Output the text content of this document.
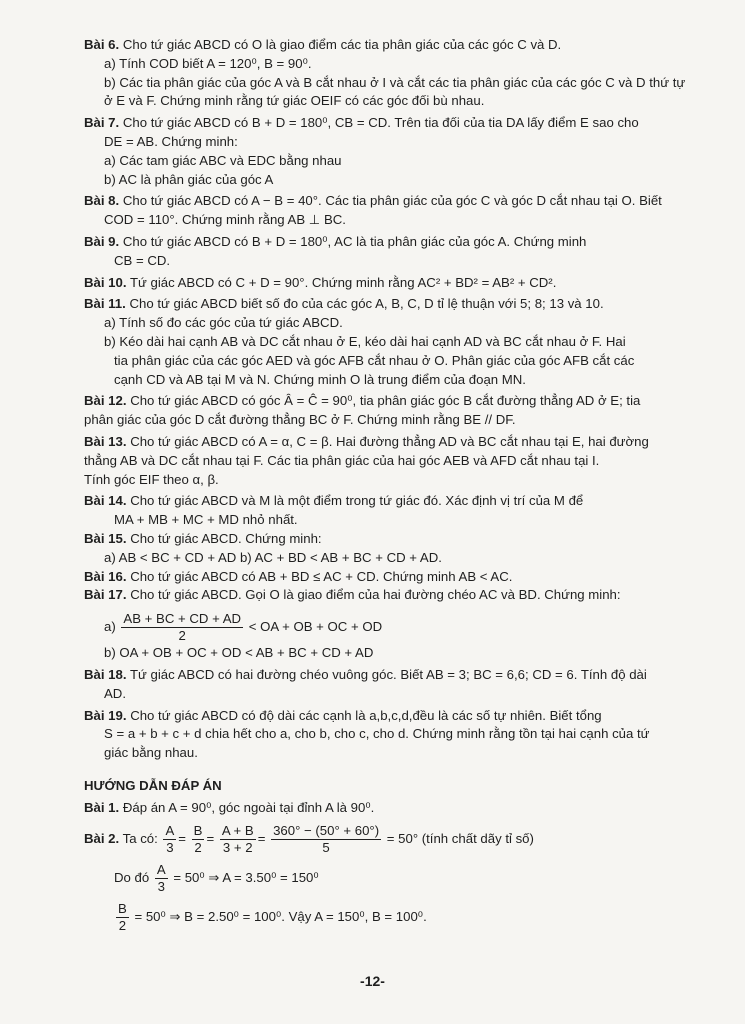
Bài 6. Cho tứ giác ABCD có O là giao điểm các tia phân giác của các góc C và D.

a) Tính COD biết A = 120⁰, B = 90⁰.

b) Các tia phân giác của góc A và B cắt nhau ở I và cắt các tia phân giác của các góc C và D thứ tự

ở E và F. Chứng minh rằng tứ giác OEIF có các góc đối bù nhau.

Bài 7. Cho tứ giác ABCD có B + D = 180⁰, CB = CD. Trên tia đối của tia DA lấy điểm E sao cho

DE = AB. Chứng minh:

a) Các tam giác ABC và EDC bằng nhau

b) AC là phân giác của góc A

Bài 8. Cho tứ giác ABCD có A − B = 40°. Các tia phân giác của góc C và góc D cắt nhau tại O. Biết

COD = 110°. Chứng minh rằng AB ⊥ BC.

Bài 9. Cho tứ giác ABCD có B + D = 180⁰, AC là tia phân giác của góc A. Chứng minh

CB = CD.

Bài 10. Tứ giác ABCD có C + D = 90°. Chứng minh rằng AC² + BD² = AB² + CD².

Bài 11. Cho tứ giác ABCD biết số đo của các góc A, B, C, D tỉ lệ thuận với 5; 8; 13 và 10.

a) Tính số đo các góc của tứ giác ABCD.

b) Kéo dài hai cạnh AB và DC cắt nhau ở E, kéo dài hai cạnh AD và BC cắt nhau ở F. Hai

tia phân giác của các góc AED và góc AFB cắt nhau ở O. Phân giác của góc AFB cắt các

cạnh CD và AB tại M và N. Chứng minh O là trung điểm của đoạn MN.

Bài 12. Cho tứ giác ABCD có góc Â = Ĉ = 90⁰, tia phân giác góc B cắt đường thẳng AD ở E; tia

phân giác của góc D cắt đường thẳng BC ở F. Chứng minh rằng BE // DF.

Bài 13. Cho tứ giác ABCD có A = α, C = β. Hai đường thẳng AD và BC cắt nhau tại E, hai đường

thẳng AB và DC cắt nhau tại F. Các tia phân giác của hai góc AEB và AFD cắt nhau tại I.

Tính góc EIF theo α, β.

Bài 14. Cho tứ giác ABCD và M là một điểm trong tứ giác đó. Xác định vị trí của M để

MA + MB + MC + MD nhỏ nhất.

Bài 15. Cho tứ giác ABCD. Chứng minh:

a) AB < BC + CD + AD b) AC + BD < AB + BC + CD + AD.

Bài 16. Cho tứ giác ABCD có AB + BD ≤ AC + CD. Chứng minh AB < AC.

Bài 17. Cho tứ giác ABCD. Gọi O là giao điểm của hai đường chéo AC và BD. Chứng minh:

$a) \frac{AB + BC + CD + AD}{2}$ < OA + OB + OC + OD

b) OA + OB + OC + OD < AB + BC + CD + AD

Bài 18. Tứ giác ABCD có hai đường chéo vuông góc. Biết AB = 3; BC = 6,6; CD = 6. Tính độ dài

AD.

Bài 19. Cho tứ giác ABCD có độ dài các cạnh là a,b,c,d,đều là các số tự nhiên. Biết tổng

S = a + b + c + d chia hết cho a, cho b, cho c, cho d. Chứng minh rằng tồn tại hai cạnh của tứ

giác bằng nhau.

HƯỚNG DẪN ĐÁP ÁN

Bài 1. Đáp án A = 90⁰, góc ngoài tại đỉnh A là 90⁰.

Bài 2. Ta có: $\frac{A}{3} = \frac{B}{2} = \frac{A + B}{3 + 2} = \frac{360^\circ - (50^\circ + 60^\circ)}{5} = 50^\circ$ (tính chất dãy tỉ số)

Do đó $\frac{A}{3} = 50^0$ ⇒ A = 3.50⁰ = 150⁰

$\frac{B}{2} = 50^0$ ⇒ B = 2.50⁰ = 100⁰. Vậy A = 150⁰, B = 100⁰.

-12-
